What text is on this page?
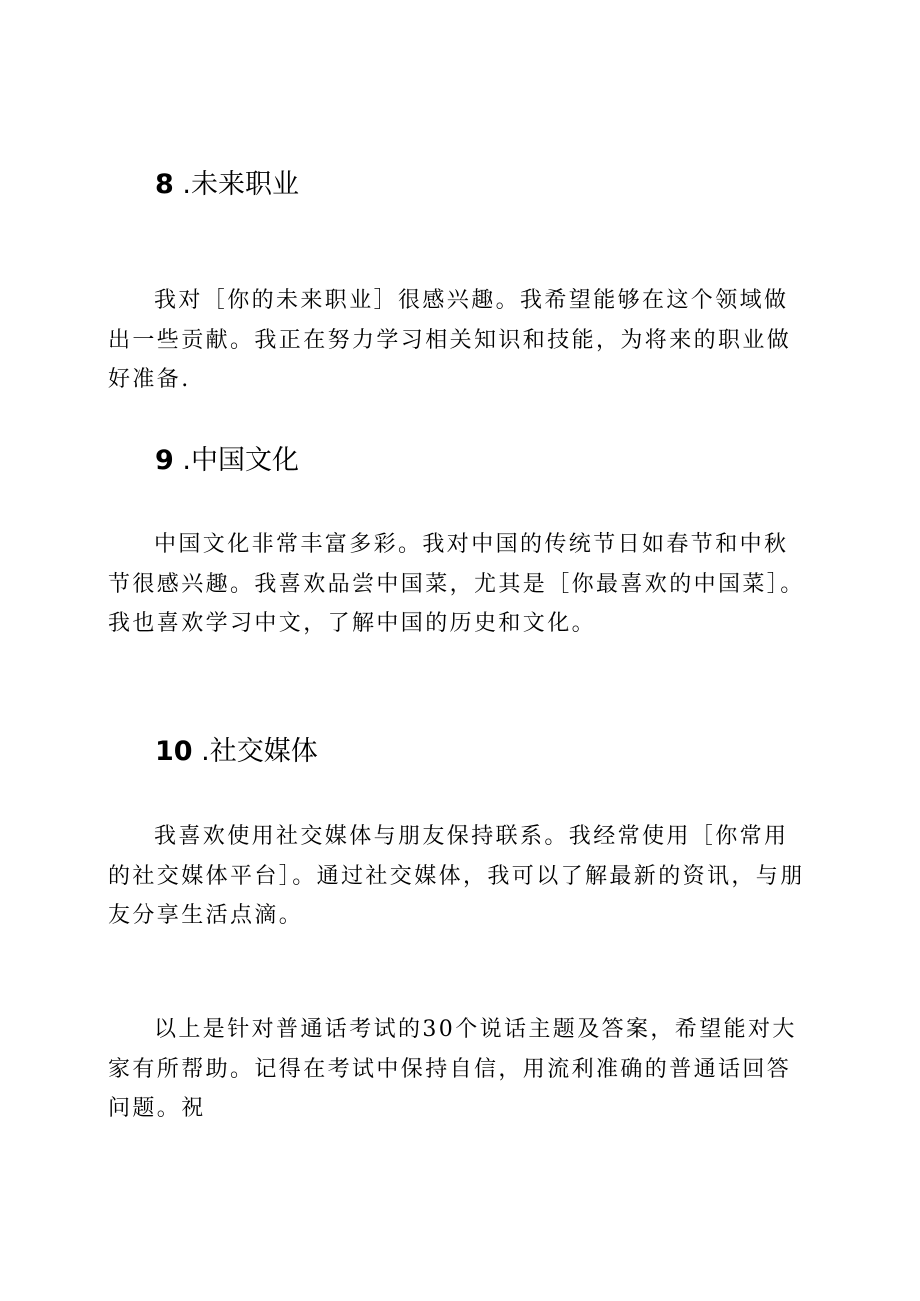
8 .未来职业

我对［你的未来职业］很感兴趣。我希望能够在这个领域做出一些贡献。我正在努力学习相关知识和技能，为将来的职业做好准备.

9 .中国文化

中国文化非常丰富多彩。我对中国的传统节日如春节和中秋节很感兴趣。我喜欢品尝中国菜，尤其是［你最喜欢的中国菜］。我也喜欢学习中文，了解中国的历史和文化。

10 .社交媒体

我喜欢使用社交媒体与朋友保持联系。我经常使用［你常用的社交媒体平台］。通过社交媒体，我可以了解最新的资讯，与朋友分享生活点滴。

以上是针对普通话考试的30个说话主题及答案，希望能对大家有所帮助。记得在考试中保持自信，用流利准确的普通话回答问题。祝
